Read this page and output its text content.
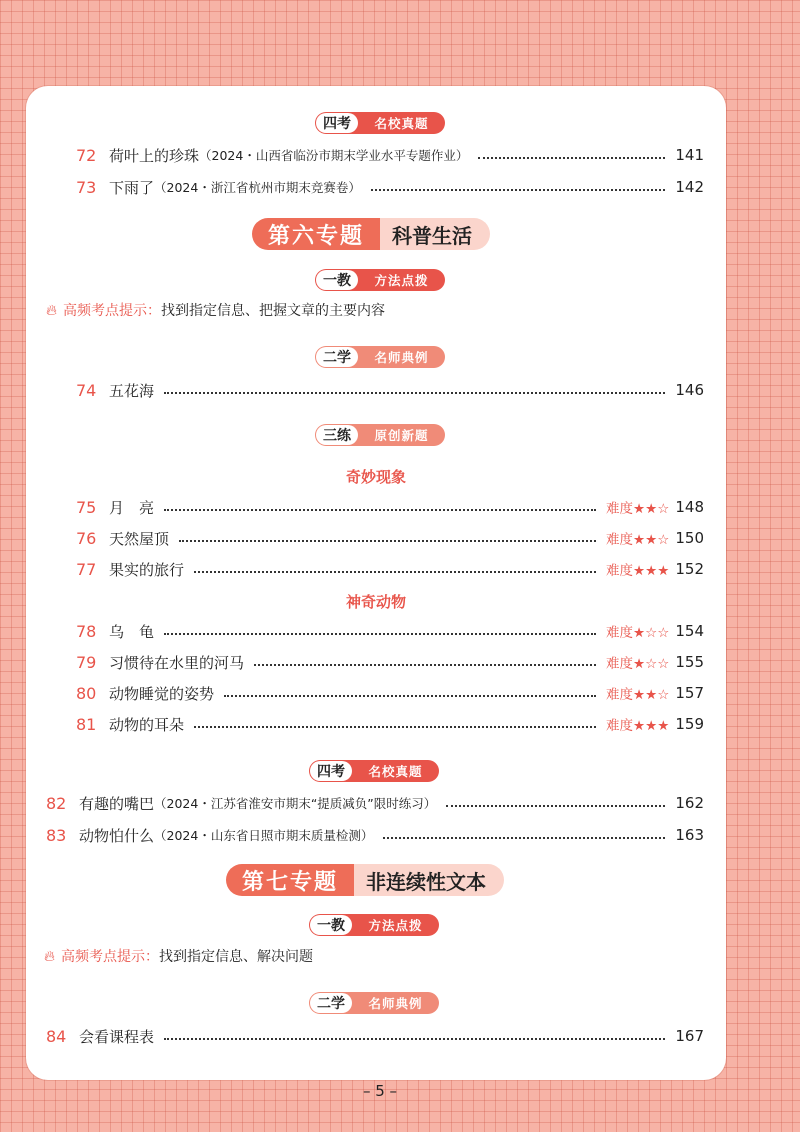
四考	名校真题
72 荷叶上的珍珠 （2024・山西省临汾市期末学业水平专题作业）	141
73 下雨了 （2024・浙江省杭州市期末竞赛卷）	142
第六专题	科普生活
一教	方法点拨
🔥︎ 高频考点提示： 找到指定信息、把握文章的主要内容
二学	名师典例
74 五花海	146
三练	原创新题
奇妙现象
75 月　亮	难度★★☆ 148
76 天然屋顶	难度★★☆ 150
77 果实的旅行	难度★★★ 152
神奇动物
78 乌　龟	难度★☆☆ 154
79 习惯待在水里的河马	难度★☆☆ 155
80 动物睡觉的姿势	难度★★☆ 157
81 动物的耳朵	难度★★★ 159
四考	名校真题
82 有趣的嘴巴 （2024・江苏省淮安市期末“提质减负”限时练习）	162
83 动物怕什么 （2024・山东省日照市期末质量检测）	163
第七专题	非连续性文本
一教	方法点拨
🔥︎ 高频考点提示： 找到指定信息、解决问题
二学	名师典例
84 会看课程表	167
– 5 –
